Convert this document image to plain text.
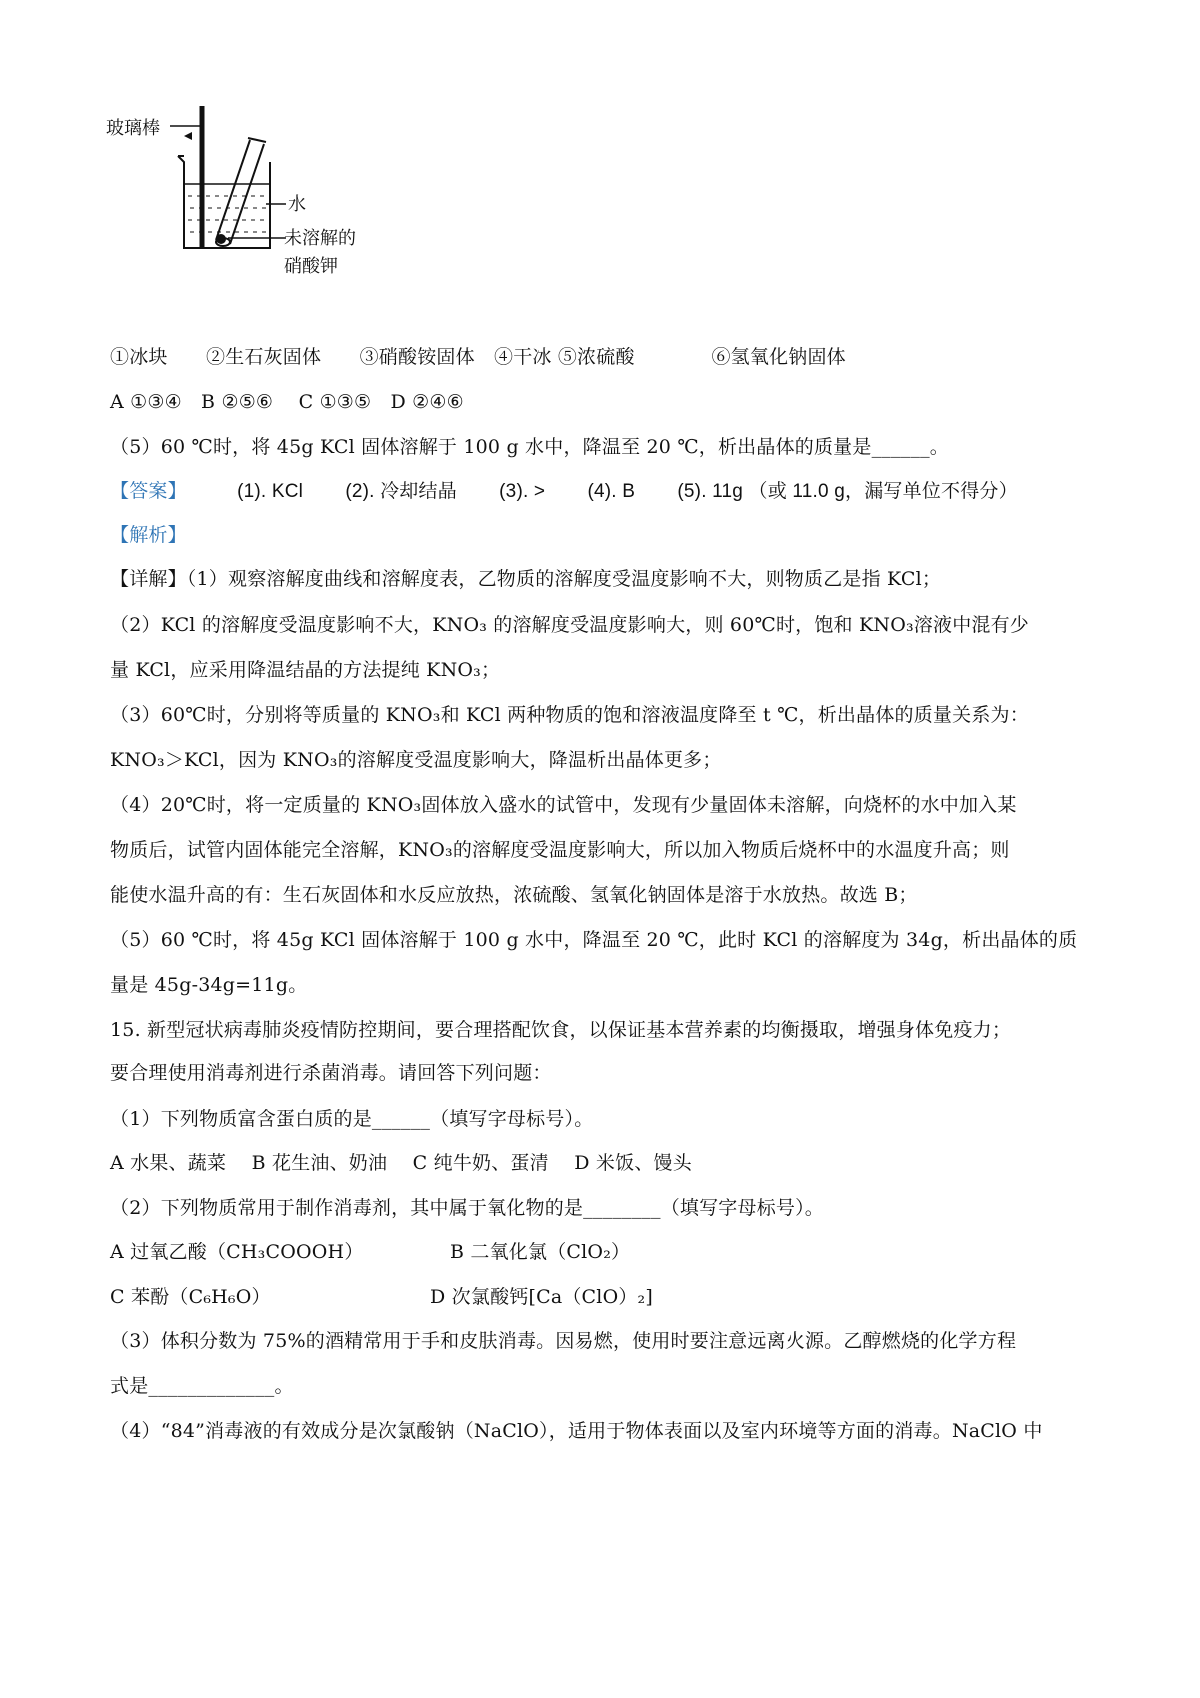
玻璃棒
水
未溶解的
硝酸钾
①冰块　　②生石灰固体　　③硝酸铵固体　④干冰 ⑤浓硫酸　　　　⑥氢氧化钠固体
A ①③④　B ②⑤⑥　 C ①③⑤　D ②④⑥
（5）60 ℃时，将 45g KCl 固体溶解于 100 g 水中，降温至 20 ℃，析出晶体的质量是______。
【答案】	(1). KCl (2). 冷却结晶 (3). > (4). B (5). 11g （或 11.0 g，漏写单位不得分）
【解析】
【详解】（1）观察溶解度曲线和溶解度表，乙物质的溶解度受温度影响不大，则物质乙是指 KCl；
（2）KCl 的溶解度受温度影响不大，KNO₃ 的溶解度受温度影响大，则 60℃时，饱和 KNO₃溶液中混有少
量 KCl，应采用降温结晶的方法提纯 KNO₃；
（3）60℃时，分别将等质量的 KNO₃和 KCl 两种物质的饱和溶液温度降至 t ℃，析出晶体的质量关系为：
KNO₃＞KCl，因为 KNO₃的溶解度受温度影响大，降温析出晶体更多；
（4）20℃时，将一定质量的 KNO₃固体放入盛水的试管中，发现有少量固体未溶解，向烧杯的水中加入某
物质后，试管内固体能完全溶解，KNO₃的溶解度受温度影响大，所以加入物质后烧杯中的水温度升高；则
能使水温升高的有：生石灰固体和水反应放热，浓硫酸、氢氧化钠固体是溶于水放热。故选 B；
（5）60 ℃时，将 45g KCl 固体溶解于 100 g 水中，降温至 20 ℃，此时 KCl 的溶解度为 34g，析出晶体的质
量是 45g-34g=11g。
15. 新型冠状病毒肺炎疫情防控期间，要合理搭配饮食，以保证基本营养素的均衡摄取，增强身体免疫力；
要合理使用消毒剂进行杀菌消毒。请回答下列问题：
（1）下列物质富含蛋白质的是______（填写字母标号）。
A 水果、蔬菜　 B 花生油、奶油　 C 纯牛奶、蛋清　 D 米饭、馒头
（2）下列物质常用于制作消毒剂，其中属于氧化物的是________（填写字母标号）。
A 过氧乙酸（CH₃COOOH）	B 二氧化氯（ClO₂）
C 苯酚（C₆H₆O）	D 次氯酸钙[Ca（ClO）₂]
（3）体积分数为 75%的酒精常用于手和皮肤消毒。因易燃，使用时要注意远离火源。乙醇燃烧的化学方程
式是_____________。
（4）“84”消毒液的有效成分是次氯酸钠（NaClO），适用于物体表面以及室内环境等方面的消毒。NaClO 中
